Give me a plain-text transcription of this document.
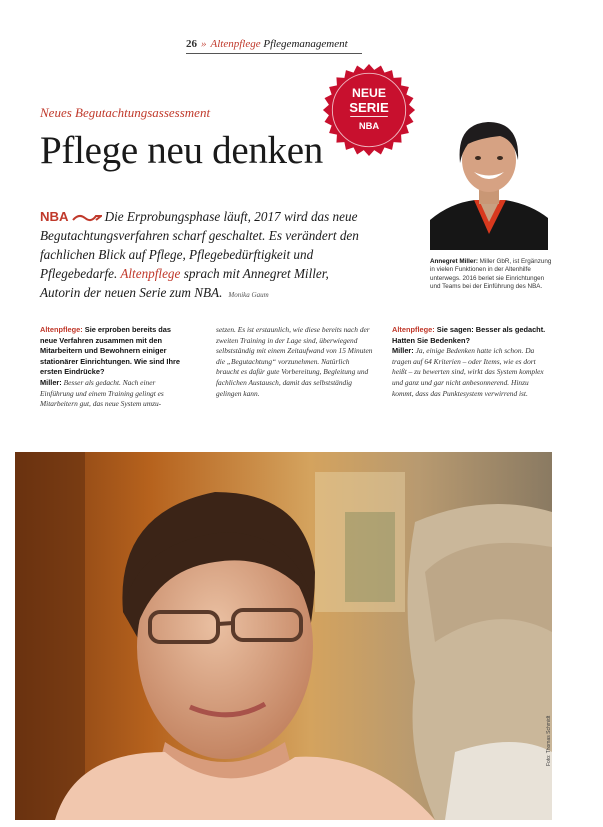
26 » Altenpflege Pflegemanagement
NEUE
SERIE
NBA
Neues Begutachtungsassessment
Pflege neu denken
Annegret Miller: Miller GbR, ist Ergänzung in vielen Funktionen in der Altenhilfe unterwegs. 2016 beriet sie Einrichtungen und Teams bei der Einführung des NBA.
NBA	Die Erprobungsphase läuft, 2017 wird das neue Begutachtungsverfahren scharf geschaltet. Es verändert den fachlichen Blick auf Pflege, Pflegebedürftigkeit und Pflegebedarfe. Altenpflege sprach mit Annegret Miller, Autorin der neuen Serie zum NBA. Monika Gaum
Altenpflege: Sie erproben bereits das neue Verfahren zusammen mit den Mitarbeitern und Bewohnern einiger stationärer Einrichtungen. Wie sind Ihre ersten Eindrücke?
Miller: Besser als gedacht. Nach einer Einführung und einem Training gelingt es Mitarbeitern gut, das neue System umzu-
setzen. Es ist erstaunlich, wie diese bereits nach der zweiten Training in der Lage sind, überwiegend selbstständig mit einem Zeitaufwand von 15 Minuten die „Begutachtung“ vorzunehmen. Natürlich braucht es dafür gute Vorbereitung, Begleitung und fachlichen Austausch, damit das selbstständig gelingen kann.
Altenpflege: Sie sagen: Besser als gedacht. Hatten Sie Bedenken?
Miller: Ja, einige Bedenken hatte ich schon. Da tragen auf 64 Kriterien – oder Items, wie es dort heißt – zu bewerten sind, wirkt das System komplex und ganz und gar nicht anbesonnerend. Hinzu kommt, dass das Punktesystem verwirrend ist.
Foto: Thomas Schmidt
